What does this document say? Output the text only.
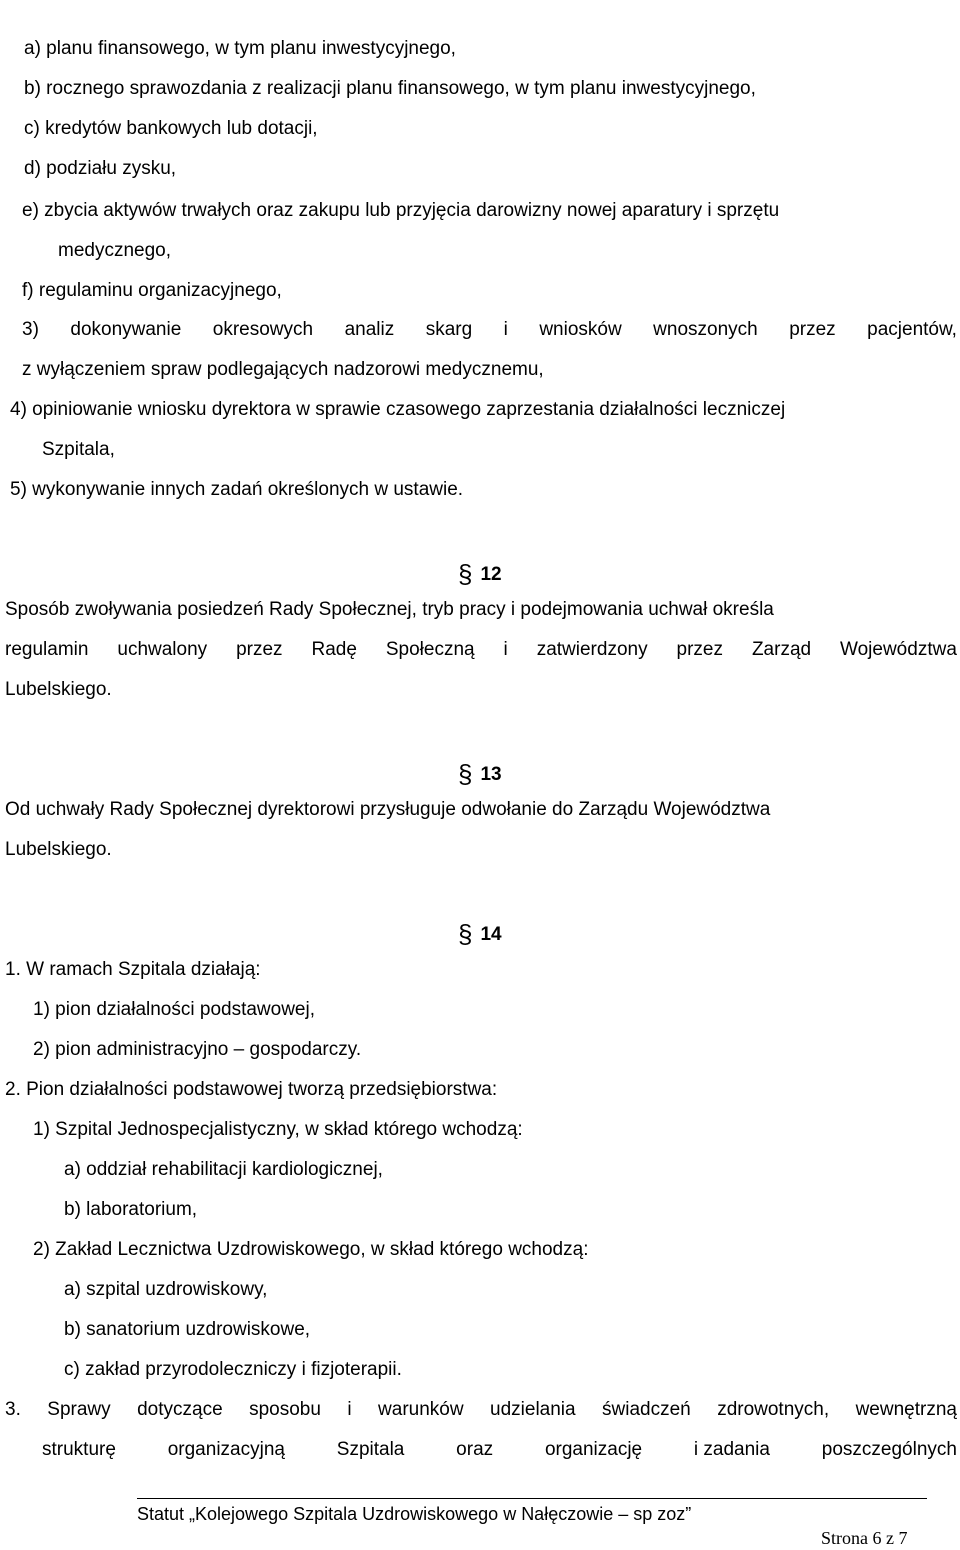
a) planu finansowego, w tym planu inwestycyjnego,
b) rocznego sprawozdania z realizacji planu finansowego, w tym planu inwestycyjnego,
c) kredytów bankowych lub dotacji,
d) podziału zysku,
e) zbycia aktywów trwałych oraz zakupu lub przyjęcia darowizny nowej aparatury i sprzętu
medycznego,
f) regulaminu organizacyjnego,
3) dokonywanie okresowych analiz skarg i wniosków wnoszonych przez pacjentów,
z wyłączeniem spraw podlegających nadzorowi medycznemu,
4) opiniowanie wniosku dyrektora w sprawie czasowego zaprzestania działalności leczniczej
Szpitala,
5) wykonywanie innych zadań określonych w ustawie.
§ 12
Sposób zwoływania posiedzeń Rady Społecznej, tryb pracy i podejmowania uchwał określa
regulamin uchwalony przez Radę Społeczną i zatwierdzony przez Zarząd Województwa
Lubelskiego.
§ 13
Od uchwały Rady Społecznej dyrektorowi przysługuje odwołanie do Zarządu Województwa
Lubelskiego.
§ 14
1. W ramach Szpitala działają:
1) pion działalności podstawowej,
2) pion administracyjno – gospodarczy.
2. Pion działalności podstawowej tworzą przedsiębiorstwa:
1) Szpital Jednospecjalistyczny, w skład którego wchodzą:
a) oddział rehabilitacji kardiologicznej,
b) laboratorium,
2) Zakład Lecznictwa Uzdrowiskowego, w skład którego wchodzą:
a) szpital uzdrowiskowy,
b) sanatorium uzdrowiskowe,
c) zakład przyrodoleczniczy i fizjoterapii.
3. Sprawy dotyczące sposobu i warunków udzielania świadczeń zdrowotnych, wewnętrzną
strukturę	organizacyjną	Szpitala	oraz	organizację	i zadania	poszczególnych
Statut „Kolejowego Szpitala Uzdrowiskowego w Nałęczowie – sp zoz”
Strona 6 z 7
